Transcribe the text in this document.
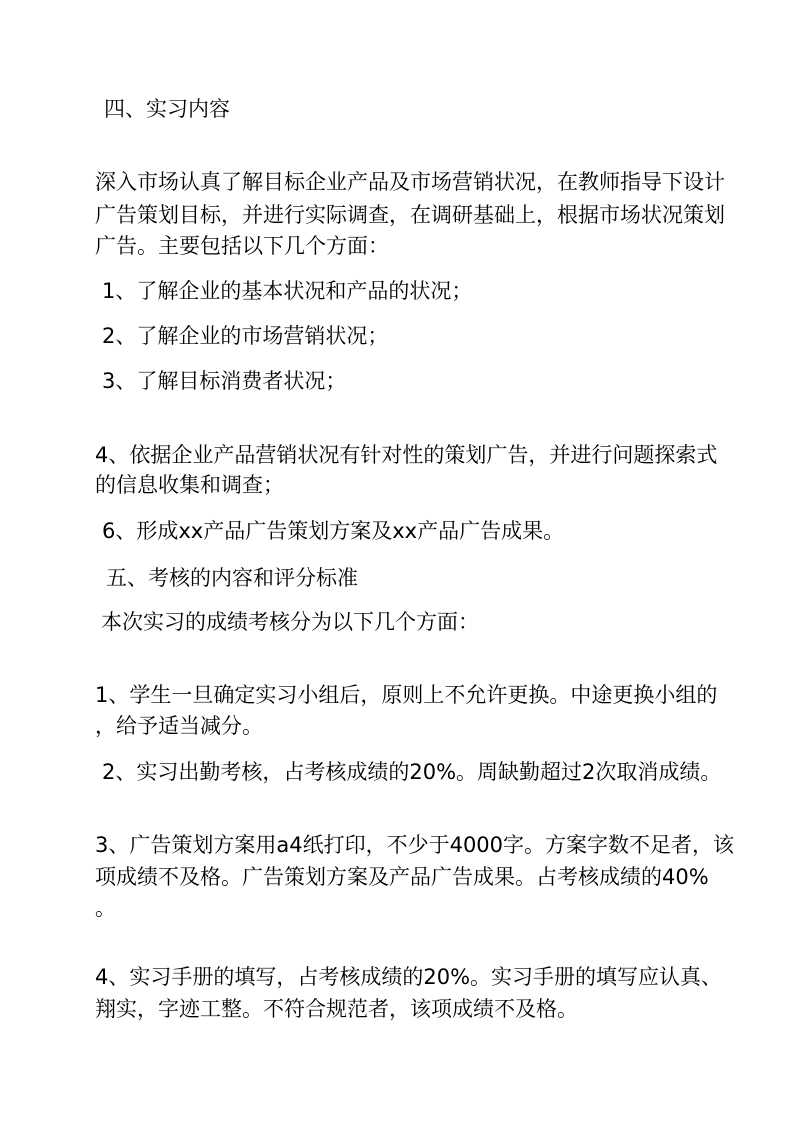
四、实习内容
深入市场认真了解目标企业产品及市场营销状况，在教师指导下设计
广告策划目标，并进行实际调查，在调研基础上，根据市场状况策划
广告。主要包括以下几个方面：
1、了解企业的基本状况和产品的状况；
2、了解企业的市场营销状况；
3、了解目标消费者状况；
4、依据企业产品营销状况有针对性的策划广告，并进行问题探索式
的信息收集和调查；
6、形成xx产品广告策划方案及xx产品广告成果。
五、考核的内容和评分标准
本次实习的成绩考核分为以下几个方面：
1、学生一旦确定实习小组后，原则上不允许更换。中途更换小组的
，给予适当减分。
2、实习出勤考核，占考核成绩的20%。周缺勤超过2次取消成绩。
3、广告策划方案用a4纸打印，不少于4000字。方案字数不足者，该
项成绩不及格。广告策划方案及产品广告成果。占考核成绩的40%
。
4、实习手册的填写，占考核成绩的20%。实习手册的填写应认真、
翔实，字迹工整。不符合规范者，该项成绩不及格。
